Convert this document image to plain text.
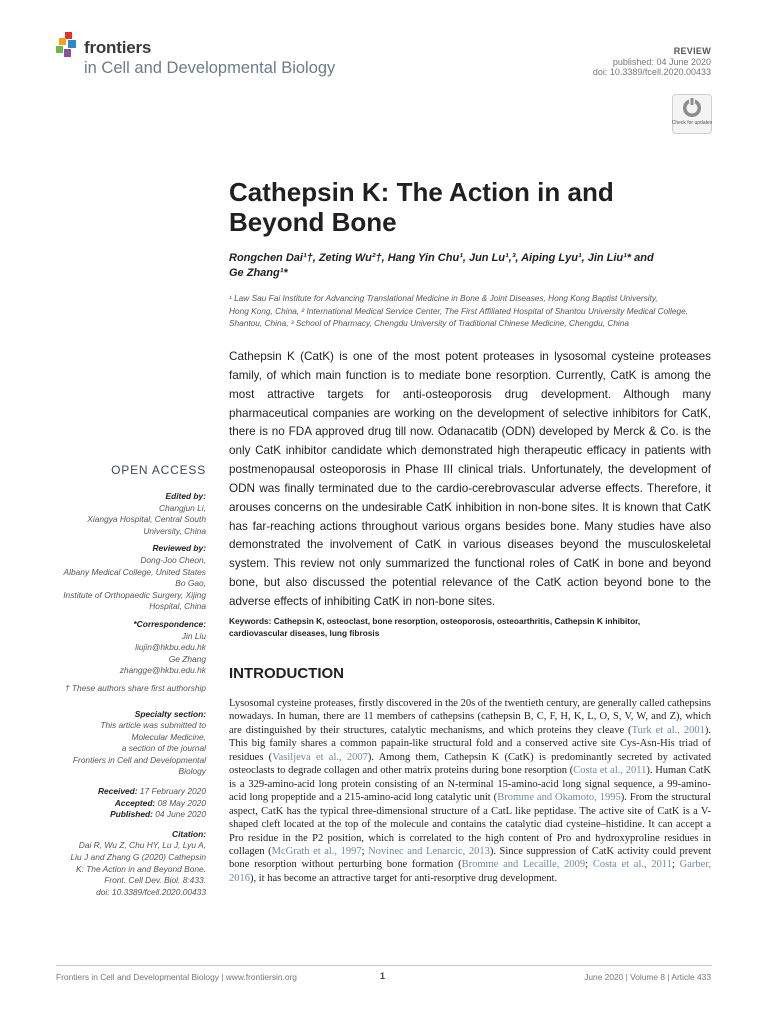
frontiers
in Cell and Developmental Biology
REVIEW
published: 04 June 2020
doi: 10.3389/fcell.2020.00433
Check for updates
Cathepsin K: The Action in and
Beyond Bone
Rongchen Dai¹†, Zeting Wu²†, Hang Yin Chu¹, Jun Lu¹,³, Aiping Lyu¹, Jin Liu¹* and
Ge Zhang¹*
¹ Law Sau Fai Institute for Advancing Translational Medicine in Bone & Joint Diseases, Hong Kong Baptist University,
Hong Kong, China, ² International Medical Service Center, The First Affiliated Hospital of Shantou University Medical College,
Shantou, China, ³ School of Pharmacy, Chengdu University of Traditional Chinese Medicine, Chengdu, China
Cathepsin K (CatK) is one of the most potent proteases in lysosomal cysteine proteases family, of which main function is to mediate bone resorption. Currently, CatK is among the most attractive targets for anti-osteoporosis drug development. Although many pharmaceutical companies are working on the development of selective inhibitors for CatK, there is no FDA approved drug till now. Odanacatib (ODN) developed by Merck & Co. is the only CatK inhibitor candidate which demonstrated high therapeutic efficacy in patients with postmenopausal osteoporosis in Phase III clinical trials. Unfortunately, the development of ODN was finally terminated due to the cardio-cerebrovascular adverse effects. Therefore, it arouses concerns on the undesirable CatK inhibition in non-bone sites. It is known that CatK has far-reaching actions throughout various organs besides bone. Many studies have also demonstrated the involvement of CatK in various diseases beyond the musculoskeletal system. This review not only summarized the functional roles of CatK in bone and beyond bone, but also discussed the potential relevance of the CatK action beyond bone to the adverse effects of inhibiting CatK in non-bone sites.
Keywords: Cathepsin K, osteoclast, bone resorption, osteoporosis, osteoarthritis, Cathepsin K inhibitor,
cardiovascular diseases, lung fibrosis
INTRODUCTION
Lysosomal cysteine proteases, firstly discovered in the 20s of the twentieth century, are generally called cathepsins nowadays. In human, there are 11 members of cathepsins (cathepsin B, C, F, H, K, L, O, S, V, W, and Z), which are distinguished by their structures, catalytic mechanisms, and which proteins they cleave (Turk et al., 2001). This big family shares a common papain-like structural fold and a conserved active site Cys-Asn-His triad of residues (Vasiljeva et al., 2007). Among them, Cathepsin K (CatK) is predominantly secreted by activated osteoclasts to degrade collagen and other matrix proteins during bone resorption (Costa et al., 2011). Human CatK is a 329-amino-acid long protein consisting of an N-terminal 15-amino-acid long signal sequence, a 99-amino-acid long propeptide and a 215-amino-acid long catalytic unit (Bromme and Okamoto, 1995). From the structural aspect, CatK has the typical three-dimensional structure of a CatL like peptidase. The active site of CatK is a V-shaped cleft located at the top of the molecule and contains the catalytic diad cysteine–histidine. It can accept a Pro residue in the P2 position, which is correlated to the high content of Pro and hydroxyproline residues in collagen (McGrath et al., 1997; Novinec and Lenarcic, 2013). Since suppression of CatK activity could prevent bone resorption without perturbing bone formation (Bromme and Lecaille, 2009; Costa et al., 2011; Garber, 2016), it has become an attractive target for anti-resorptive drug development.
OPEN ACCESS
Edited by:
Changjun Li,
Xiangya Hospital, Central South
University, China
Reviewed by:
Dong-Joo Cheon,
Albany Medical College, United States
Bo Gao,
Institute of Orthopaedic Surgery, Xijing
Hospital, China
*Correspondence:
Jin Liu
liujin@hkbu.edu.hk
Ge Zhang
zhangge@hkbu.edu.hk
† These authors share first authorship
Specialty section:
This article was submitted to
Molecular Medicine,
a section of the journal
Frontiers in Cell and Developmental
Biology
Received: 17 February 2020
Accepted: 08 May 2020
Published: 04 June 2020
Citation:
Dai R, Wu Z, Chu HY, Lu J, Lyu A,
Liu J and Zhang G (2020) Cathepsin
K: The Action in and Beyond Bone.
Front. Cell Dev. Biol. 8:433.
doi: 10.3389/fcell.2020.00433
Frontiers in Cell and Developmental Biology | www.frontiersin.org	1	June 2020 | Volume 8 | Article 433
